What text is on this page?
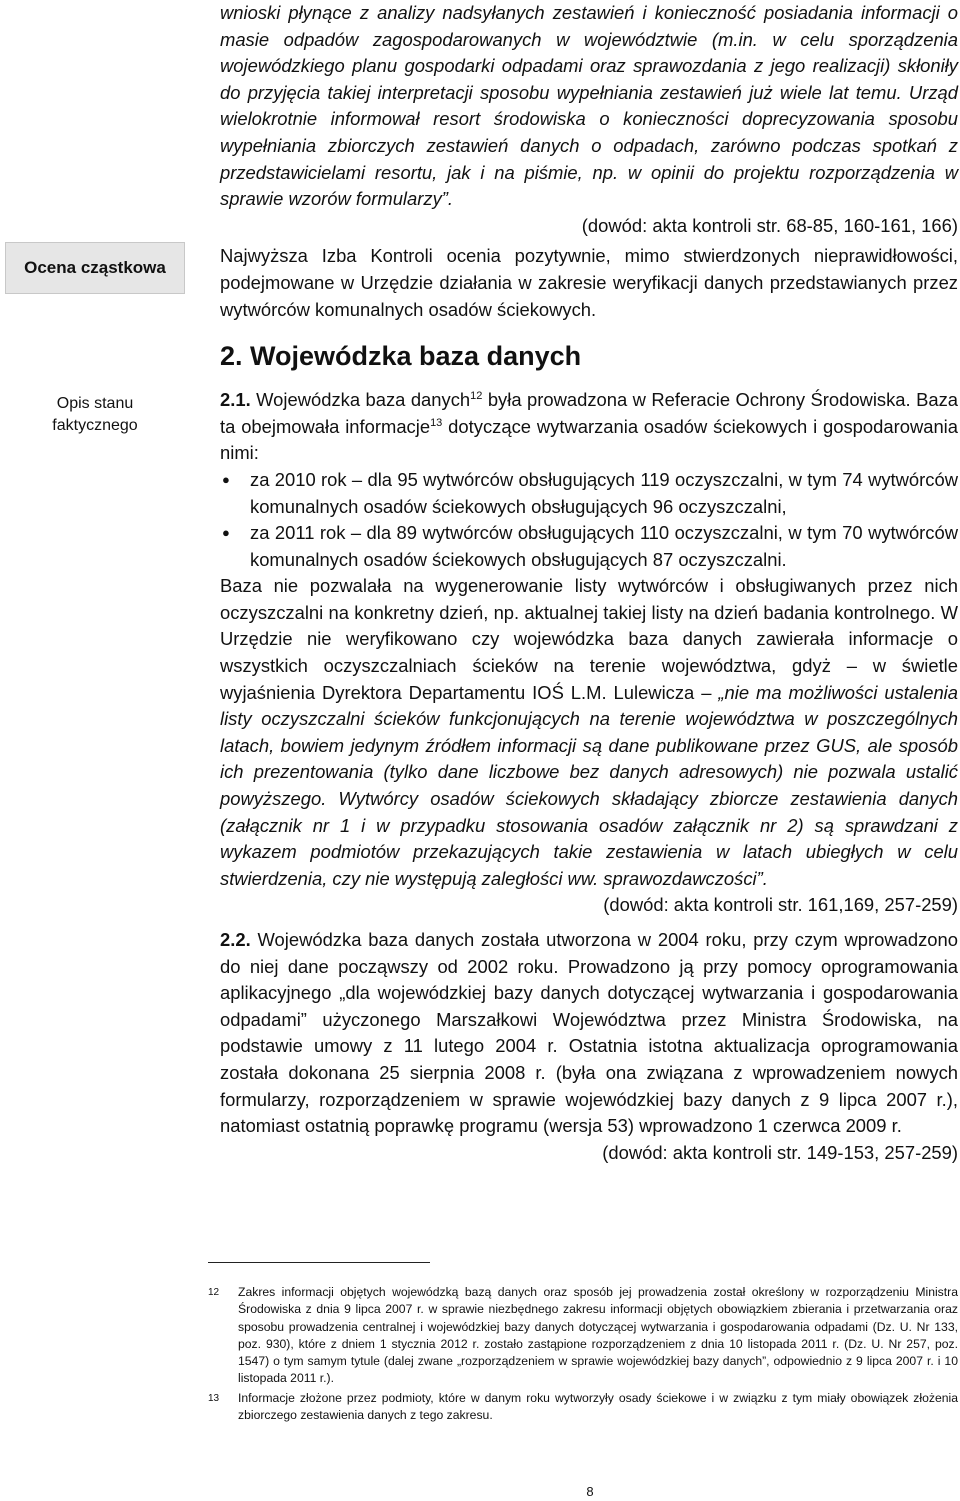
Ocena cząstkowa
Opis stanu
faktycznego

wnioski płynące z analizy nadsyłanych zestawień i konieczność posiadania informacji o masie odpadów zagospodarowanych w województwie (m.in. w celu sporządzenia wojewódzkiego planu gospodarki odpadami oraz sprawozdania z jego realizacji) skłoniły do przyjęcia takiej interpretacji sposobu wypełniania zestawień już wiele lat temu. Urząd wielokrotnie informował resort środowiska o konieczności doprecyzowania sposobu wypełniania zbiorczych zestawień danych o odpadach, zarówno podczas spotkań z przedstawicielami resortu, jak i na piśmie, np. w opinii do projektu rozporządzenia w sprawie wzorów formularzy”.

(dowód: akta kontroli str. 68-85, 160-161, 166)

Najwyższa Izba Kontroli ocenia pozytywnie, mimo stwierdzonych nieprawidłowości, podejmowane w Urzędzie działania w zakresie weryfikacji danych przedstawianych przez wytwórców komunalnych osadów ściekowych.

2. Wojewódzka baza danych

2.1. Wojewódzka baza danych$^{12}$ była prowadzona w Referacie Ochrony Środowiska. Baza ta obejmowała informacje$^{13}$ dotyczące wytwarzania osadów ściekowych i gospodarowania nimi:

● za 2010 rok – dla 95 wytwórców obsługujących 119 oczyszczalni, w tym 74 wytwórców komunalnych osadów ściekowych obsługujących 96 oczyszczalni,
● za 2011 rok – dla 89 wytwórców obsługujących 110 oczyszczalni, w tym 70 wytwórców komunalnych osadów ściekowych obsługujących 87 oczyszczalni.

Baza nie pozwalała na wygenerowanie listy wytwórców i obsługiwanych przez nich oczyszczalni na konkretny dzień, np. aktualnej takiej listy na dzień badania kontrolnego. W Urzędzie nie weryfikowano czy wojewódzka baza danych zawierała informacje o wszystkich oczyszczalniach ścieków na terenie województwa, gdyż – w świetle wyjaśnienia Dyrektora Departamentu IOŚ L.M. Lulewicza – „nie ma możliwości ustalenia listy oczyszczalni ścieków funkcjonujących na terenie województwa w poszczególnych latach, bowiem jedynym źródłem informacji są dane publikowane przez GUS, ale sposób ich prezentowania (tylko dane liczbowe bez danych adresowych) nie pozwala ustalić powyższego. Wytwórcy osadów ściekowych składający zbiorcze zestawienia danych (załącznik nr 1 i w przypadku stosowania osadów załącznik nr 2) są sprawdzani z wykazem podmiotów przekazujących takie zestawienia w latach ubiegłych w celu stwierdzenia, czy nie występują zaległości ww. sprawozdawczości”.

(dowód: akta kontroli str. 161,169, 257-259)

2.2. Wojewódzka baza danych została utworzona w 2004 roku, przy czym wprowadzono do niej dane począwszy od 2002 roku. Prowadzono ją przy pomocy oprogramowania aplikacyjnego „dla wojewódzkiej bazy danych dotyczącej wytwarzania i gospodarowania odpadami” użyczonego Marszałkowi Województwa przez Ministra Środowiska, na podstawie umowy z 11 lutego 2004 r. Ostatnia istotna aktualizacja oprogramowania została dokonana 25 sierpnia 2008 r. (była ona związana z wprowadzeniem nowych formularzy, rozporządzeniem w sprawie wojewódzkiej bazy danych z 9 lipca 2007 r.), natomiast ostatnią poprawkę programu (wersja 53) wprowadzono 1 czerwca 2009 r.

(dowód: akta kontroli str. 149-153, 257-259)

12 Zakres informacji objętych wojewódzką bazą danych oraz sposób jej prowadzenia został określony w rozporządzeniu Ministra Środowiska z dnia 9 lipca 2007 r. w sprawie niezbędnego zakresu informacji objętych obowiązkiem zbierania i przetwarzania oraz sposobu prowadzenia centralnej i wojewódzkiej bazy danych dotyczącej wytwarzania i gospodarowania odpadami (Dz. U. Nr 133, poz. 930), które z dniem 1 stycznia 2012 r. zostało zastąpione rozporządzeniem z dnia 10 listopada 2011 r. (Dz. U. Nr 257, poz. 1547) o tym samym tytule (dalej zwane „rozporządzeniem w sprawie wojewódzkiej bazy danych”, odpowiednio z 9 lipca 2007 r. i 10 listopada 2011 r.).

13 Informacje złożone przez podmioty, które w danym roku wytworzyły osady ściekowe i w związku z tym miały obowiązek złożenia zbiorczego zestawienia danych z tego zakresu.

8
